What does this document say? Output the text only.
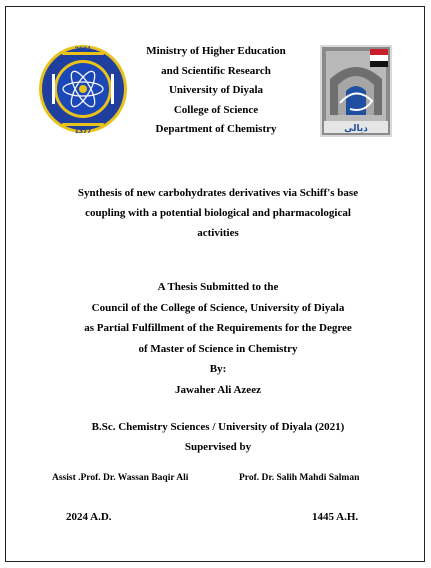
2001
1377	ديالى
Ministry of Higher Education
and Scientific Research
University of Diyala
College of Science
Department of Chemistry
Synthesis of new carbohydrates derivatives via Schiff's base
coupling with a potential biological and pharmacological
activities
A Thesis Submitted to the
Council of the College of Science, University of Diyala
as Partial Fulfillment of the Requirements for the Degree
of Master of Science in Chemistry
By:
Jawaher Ali Azeez
B.Sc. Chemistry Sciences / University of Diyala (2021)
Supervised by
Assist .Prof. Dr. Wassan Baqir Ali	Prof. Dr. Salih Mahdi Salman
2024 A.D.	1445 A.H.
